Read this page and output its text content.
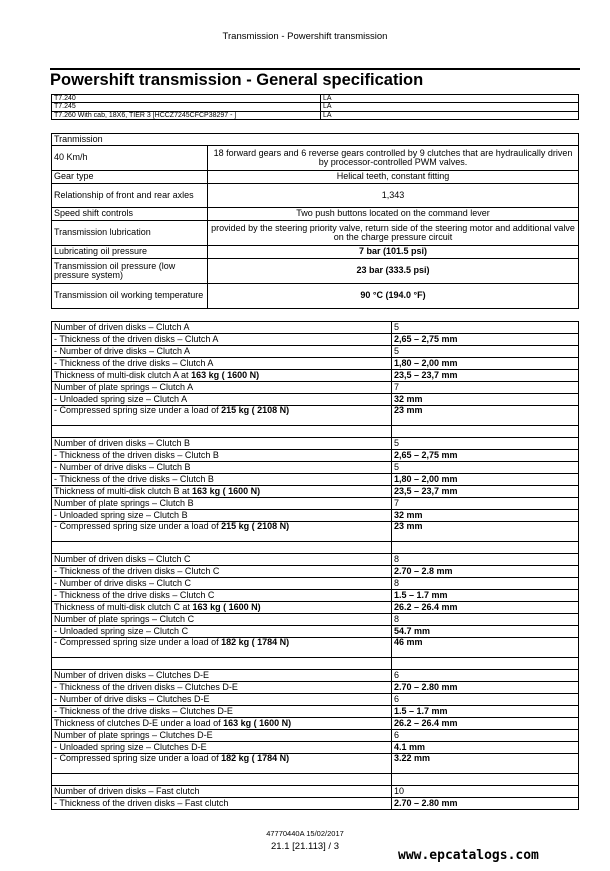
Transmission - Powershift transmission
Powershift transmission - General specification
T7.240	LA
T7.245	LA
T7.260 With cab, 18X6, TIER 3 [HCCZ7245CFCP38297 - ]	LA
Tranmission	
40 Km/h	18 forward gears and 6 reverse gears controlled by 9 clutches that are hydraulically driven by processor-controlled PWM valves.
Gear type	Helical teeth, constant fitting
Relationship of front and rear axles	1,343
Speed shift controls	Two push buttons located on the command lever
Transmission lubrication	provided by the steering priority valve, return side of the steering motor and additional valve on the charge pressure circuit
Lubricating oil pressure	7 bar (101.5 psi)
Transmission oil pressure (low pressure system)	23 bar (333.5 psi)
Transmission oil working temperature	90 °C (194.0 °F)
Number of driven disks – Clutch A	5
- Thickness of the driven disks – Clutch A	2,65 – 2,75 mm
- Number of drive disks – Clutch A	5
- Thickness of the drive disks – Clutch A	1,80 – 2,00 mm
Thickness of multi-disk clutch A at 163 kg ( 1600 N)	23,5 – 23,7 mm
Number of plate springs – Clutch A	7
- Unloaded spring size – Clutch A	32 mm
- Compressed spring size under a load of 215 kg ( 2108 N)	23 mm

Number of driven disks – Clutch B	5
- Thickness of the driven disks – Clutch B	2,65 – 2,75 mm
- Number of drive disks – Clutch B	5
- Thickness of the drive disks – Clutch B	1,80 – 2,00 mm
Thickness of multi-disk clutch B at 163 kg ( 1600 N)	23,5 – 23,7 mm
Number of plate springs – Clutch B	7
- Unloaded spring size – Clutch B	32 mm
- Compressed spring size under a load of 215 kg ( 2108 N)	23 mm

Number of driven disks – Clutch C	8
- Thickness of the driven disks – Clutch C	2.70 – 2.8 mm
- Number of drive disks – Clutch C	8
- Thickness of the drive disks – Clutch C	1.5 – 1.7 mm
Thickness of multi-disk clutch C at 163 kg ( 1600 N)	26.2 – 26.4 mm
Number of plate springs – Clutch C	8
- Unloaded spring size – Clutch C	54.7 mm
- Compressed spring size under a load of 182 kg ( 1784 N)	46 mm

Number of driven disks – Clutches D-E	6
- Thickness of the driven disks – Clutches D-E	2.70 – 2.80 mm
- Number of drive disks – Clutches D-E	6
- Thickness of the drive disks – Clutches D-E	1.5 – 1.7 mm
Thickness of clutches D-E under a load of 163 kg ( 1600 N)	26.2 – 26.4 mm
Number of plate springs – Clutches D-E	6
- Unloaded spring size – Clutches D-E	4.1 mm
- Compressed spring size under a load of 182 kg ( 1784 N)	3.22 mm

Number of driven disks – Fast clutch	10
- Thickness of the driven disks – Fast clutch	2.70 – 2.80 mm
47770440A 15/02/2017
21.1 [21.113] / 3
www.epcatalogs.com
